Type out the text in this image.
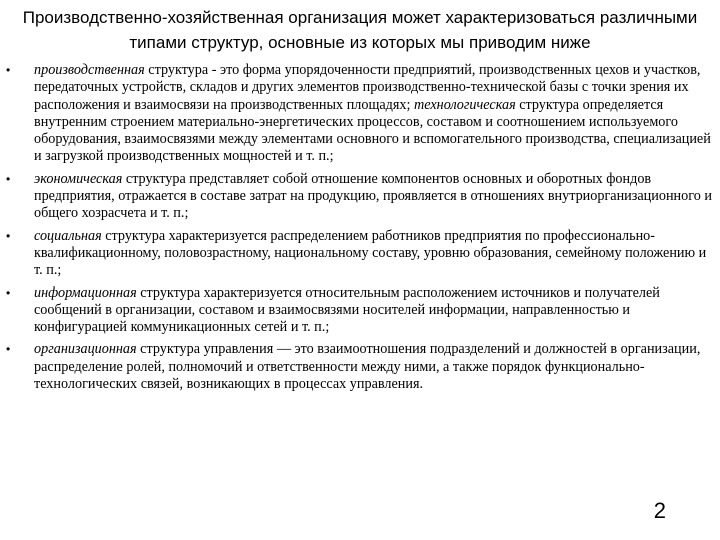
Производственно-хозяйственная организация может характеризоваться различными типами структур, основные из которых мы приводим ниже
• производственная структура - это форма упорядоченности предприятий, производственных цехов и участков, передаточных устройств, складов и других элементов производственно-технической базы с точки зрения их расположения и взаимосвязи на производственных площадях; технологическая структура определяется внутренним строением материально-энергетических процессов, составом и соотношением используемого оборудования, взаимосвязями между элементами основного и вспомогательного производства, специализацией и загрузкой производственных мощностей и т. п.;
• экономическая структура представляет собой отношение компонентов основных и оборотных фондов предприятия, отражается в составе затрат на продукцию, проявляется в отношениях внутриорганизационного и общего хозрасчета и т. п.;
• социальная структура характеризуется распределением работников предприятия по профессионально-квалификационному, половозрастному, национальному составу, уровню образования, семейному положению и т. п.;
• информационная структура характеризуется относительным расположением источников и получателей сообщений в организации, составом и взаимосвязями носителей информации, направленностью и конфигурацией коммуникационных сетей и т. п.;
• организационная структура управления — это взаимоотношения подразделений и должностей в организации, распределение ролей, полномочий и ответственности между ними, а также порядок функционально-технологических связей, возникающих в процессах управления.
2
